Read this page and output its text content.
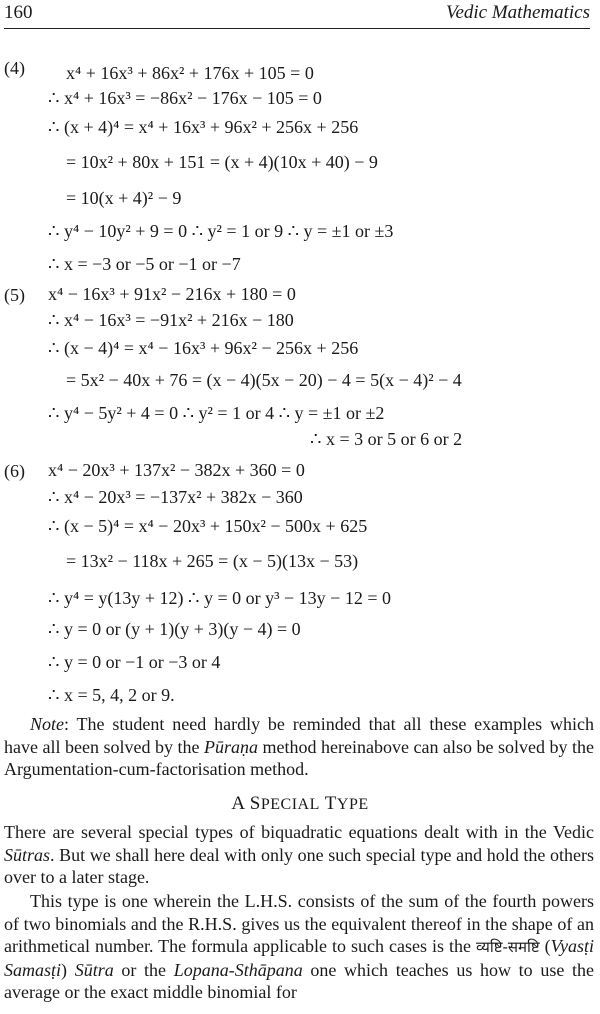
160	Vedic Mathematics
(4) x⁴ + 16x³ + 86x² + 176x + 105 = 0
∴ x⁴ + 16x³ = −86x² − 176x − 105 = 0
∴ (x + 4)⁴ = x⁴ + 16x³ + 96x² + 256x + 256
= 10x² + 80x + 151 = (x + 4)(10x + 40) − 9
= 10(x + 4)² − 9
∴ y⁴ − 10y² + 9 = 0 ∴ y² = 1 or 9 ∴ y = ±1 or ±3
∴ x = −3 or −5 or −1 or −7
(5) x⁴ − 16x³ + 91x² − 216x + 180 = 0
∴ x⁴ − 16x³ = −91x² + 216x − 180
∴ (x − 4)⁴ = x⁴ − 16x³ + 96x² − 256x + 256
= 5x² − 40x + 76 = (x − 4)(5x − 20) − 4 = 5(x − 4)² − 4
∴ y⁴ − 5y² + 4 = 0 ∴ y² = 1 or 4 ∴ y = ±1 or ±2
∴ x = 3 or 5 or 6 or 2
(6) x⁴ − 20x³ + 137x² − 382x + 360 = 0
∴ x⁴ − 20x³ = −137x² + 382x − 360
∴ (x − 5)⁴ = x⁴ − 20x³ + 150x² − 500x + 625
= 13x² − 118x + 265 = (x − 5)(13x − 53)
∴ y⁴ = y(13y + 12) ∴ y = 0 or y³ − 13y − 12 = 0
∴ y = 0 or (y + 1)(y + 3)(y − 4) = 0
∴ y = 0 or −1 or −3 or 4
∴ x = 5, 4, 2 or 9.
Note: The student need hardly be reminded that all these examples which have all been solved by the Pūraṇa method hereinabove can also be solved by the Argumentation-cum-factorisation method.
A SPECIAL TYPE
There are several special types of biquadratic equations dealt with in the Vedic Sūtras. But we shall here deal with only one such special type and hold the others over to a later stage.
This type is one wherein the L.H.S. consists of the sum of the fourth powers of two binomials and the R.H.S. gives us the equivalent thereof in the shape of an arithmetical number. The formula applicable to such cases is the व्यष्टि-समष्टि (Vyasṭi Samasṭi) Sūtra or the Lopana-Sthāpana one which teaches us how to use the average or the exact middle binomial for
